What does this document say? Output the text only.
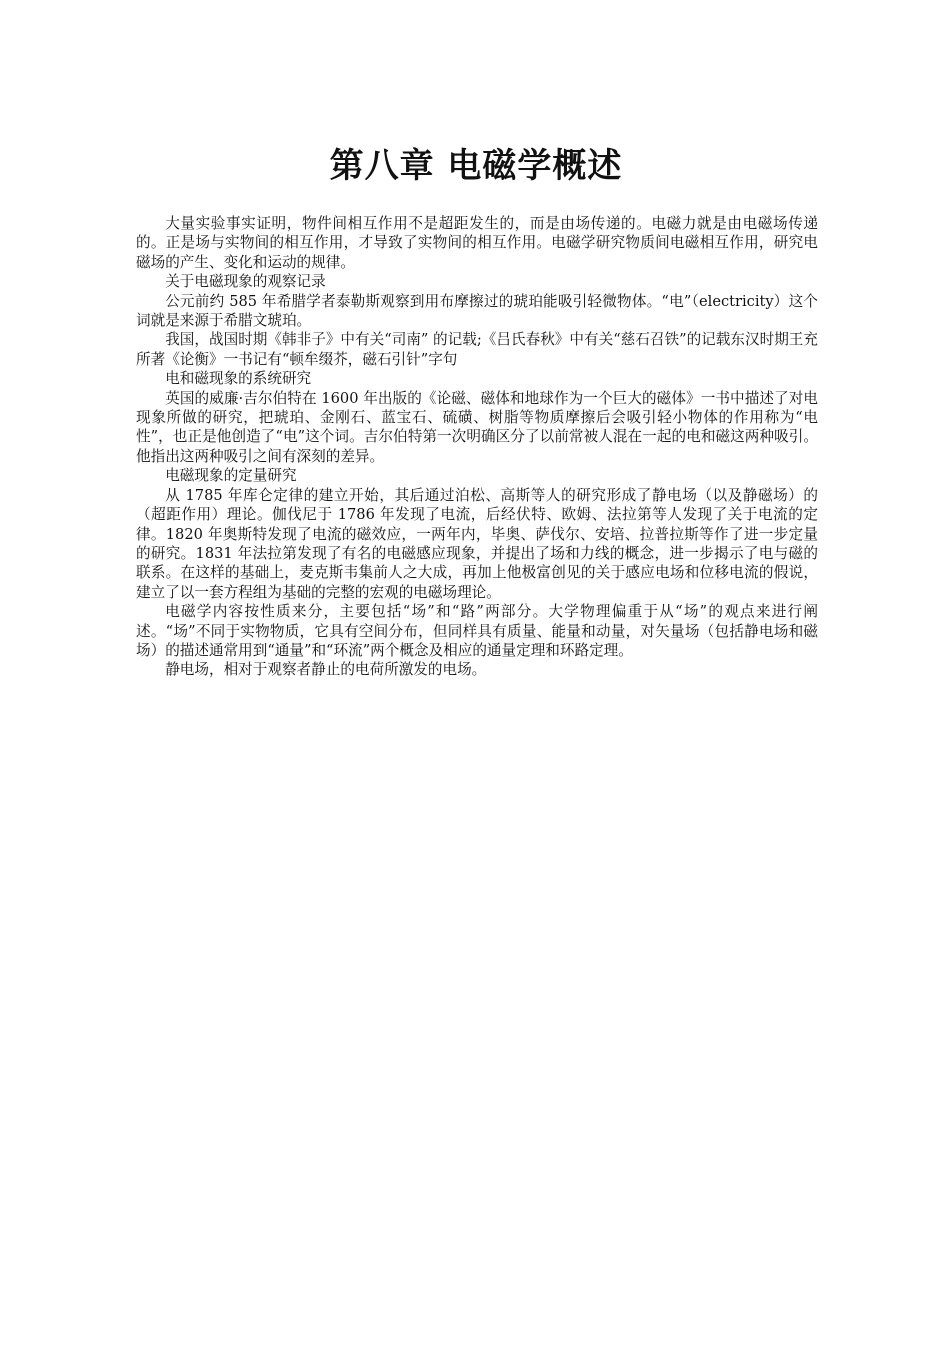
第八章 电磁学概述

大量实验事实证明，物件间相互作用不是超距发生的，而是由场传递的。电磁力就是由电磁场传递的。正是场与实物间的相互作用，才导致了实物间的相互作用。电磁学研究物质间电磁相互作用，研究电磁场的产生、变化和运动的规律。

关于电磁现象的观察记录

公元前约 585 年希腊学者泰勒斯观察到用布摩擦过的琥珀能吸引轻微物体。“电”（electricity）这个词就是来源于希腊文琥珀。

我国，战国时期《韩非子》中有关“司南” 的记载;《吕氏春秋》中有关“慈石召铁”的记载东汉时期王充所著《论衡》一书记有“顿牟缀芥，磁石引针”字句

电和磁现象的系统研究

英国的威廉·吉尔伯特在 1600 年出版的《论磁、磁体和地球作为一个巨大的磁体》一书中描述了对电现象所做的研究，把琥珀、金刚石、蓝宝石、硫磺、树脂等物质摩擦后会吸引轻小物体的作用称为“电性”，也正是他创造了“电”这个词。吉尔伯特第一次明确区分了以前常被人混在一起的电和磁这两种吸引。他指出这两种吸引之间有深刻的差异。

电磁现象的定量研究

从 1785 年库仑定律的建立开始，其后通过泊松、高斯等人的研究形成了静电场（以及静磁场）的（超距作用）理论。伽伐尼于 1786 年发现了电流，后经伏特、欧姆、法拉第等人发现了关于电流的定律。1820 年奥斯特发现了电流的磁效应，一两年内，毕奥、萨伐尔、安培、拉普拉斯等作了进一步定量的研究。1831 年法拉第发现了有名的电磁感应现象，并提出了场和力线的概念，进一步揭示了电与磁的联系。在这样的基础上，麦克斯韦集前人之大成，再加上他极富创见的关于感应电场和位移电流的假说，建立了以一套方程组为基础的完整的宏观的电磁场理论。

电磁学内容按性质来分，主要包括“场”和“路”两部分。大学物理偏重于从“场”的观点来进行阐述。“场”不同于实物物质，它具有空间分布，但同样具有质量、能量和动量，对矢量场（包括静电场和磁场）的描述通常用到“通量”和“环流”两个概念及相应的通量定理和环路定理。

静电场，相对于观察者静止的电荷所激发的电场。
